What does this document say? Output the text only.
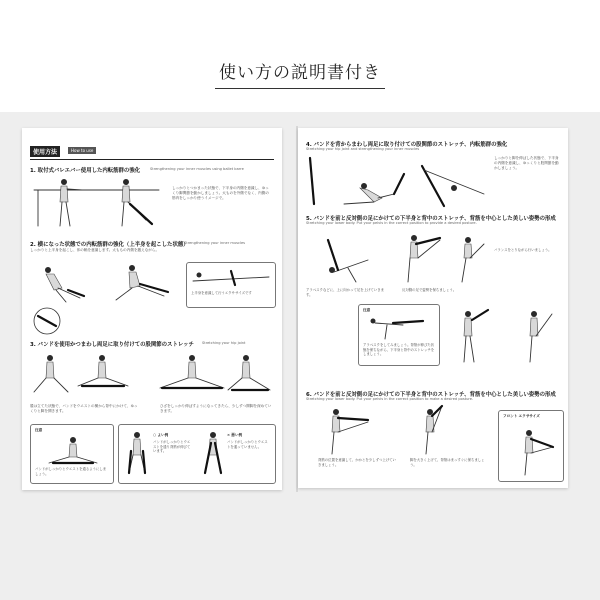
使い方の説明書付き
使用方法	How to use
1. 取付式バレエバー使用した内転筋群の強化	Strengthening your inner muscles using ballet barre
しっかりとつかまった状態で、下半身の内側を意識し、ゆっくり脚関節を動かしましょう。大ものを外側でなく、内側の筋肉をしっかり使うイメージで。
2. 横になった状態での内転筋群の強化（上半身を起こした状態）
Strengthening your inner muscles
しっかりと上半身を起こし、体の軸を意識します。太ももの内側を鍛えながら。
上半身を意識して行うエクササイズです
3. バンドを使用かつまわし両足に取り付けての股関節のストレッチ Stretching your hip joint
膝は立てた状態で、バンドをウエストの横から背中にかけて、ゆっくりと脚を開きます。
ひざをしっかり伸ばすようになってきたら、少しずつ開脚を深めていきます。
注意
バンドがしっかりとウエストを通るようにしましょう。
○ よい例
バンドがしっかりとウエストを通り背筋が伸びています。
× 悪い例
バンドがしっかりとウエストを通っていません。
4. バンドを背からまわし両足に取り付けての股関節のストレッチ、内転筋群の強化
Stretching your hip joint and strengthening your inner muscles
しっかりと脚を伸ばした状態で、下半身の内側を意識し、ゆっくりと股関節を動かしましょう。
5. バンドを前と反対側の足にかけての下半身と背中のストレッチ、背筋を中心とした美しい姿勢の形成
Stretching your lower body. Put your pelvis in the correct position to provide a desired posture.
アラベスクなどに、上に向かって足を上げていきます。
反対側の足で姿勢を保ちましょう。
バランスをとりながら行いましょう。
注意
アラベスクをしてみましょう。背筋が伸びた状態を保ちながら、下半身と背中のストレッチをしましょう。
6. バンドを前と反対側の足にかけての下半身と背中のストレッチ、背筋を中心とした美しい姿勢の形成
Stretching your lower body. Put your pelvis in the correct position to make a desired posture.
背筋の位置を意識して、かかとを少しずつ上げていきましょう。
脚を大きく上げて、背筋はまっすぐに保ちましょう。
フロント エクササイズ
